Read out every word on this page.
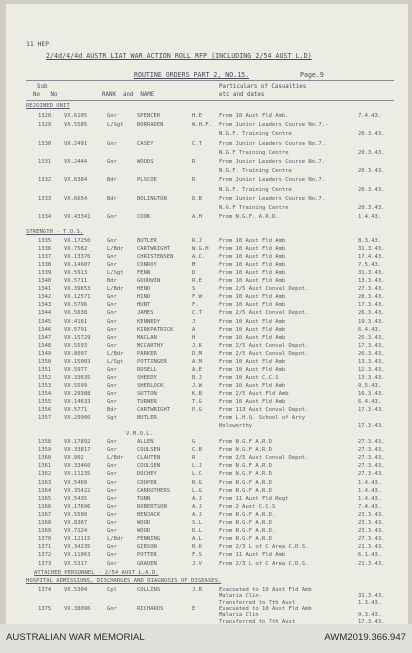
11 HEP
2/4d/4/4d AUSTR LIAT WAR ACTION ROLL RFP (INCLUDING 2/54 AUST L.D)
ROUTINE ORDERS PART 2, NO.15.	Page.9
Sub
No   No	RANK  and  NAME
Particulars of Casualties
etc and dates
REJOINED UNIT
1328. VX.6105	Gnr	SPENCER	H.E	From 10 Aust Fld Amb.	7.4.43.
1329 VX.5585	L/Sgt BORRADEN	W.H.F. From Junior Leaders Course No.7.-
N.G.F. Training Centre	20.3.43.
1330 VX.2491	Gnr	CASEY	C.T	From Junior Leaders Course No.7.
N.G.F Training Centre	20.3.43.
1331 VX.2444	Gnr	WOODS	R	From Junior Leaders Course No.7.
N.G.F. Training Centre	20.3.43.
1332 VX.6384	Bdr	PLSCOE	R	From Junior Leaders Course No.7.
N.G.F. Training Centre	20.3.43.
1333 VX.6654	Bdr	BOLINGTON	D.B	From Junior Leaders Course No.7.
N.G.F Training Centre	20.3.43.
1334 VX.43341	Gnr	COOK	A.H	From N.G.F. A.R.D.	1.4.43.
STRENGTH - T.O.S.
1335 VX.17250	Gnr	BUTLER	R.J	From 10 Aust Fld Amb	8.3.43.
1336 VX.7582	L/Bdr CARTWRIGHT	W.G.H From 10 Aust Fld Amb	31.3.43.
1337 VX.13376	Gnr	CHRISTENSEN	A.C.	From 10 Aust Fld Amb	17.4.43.
1338 VX.14607	Gnr	CONROY	M	From 10 Aust Fld Amb	7.5.43.
1339 VX.5913	L/Sgt FENN	D	From 10 Aust Fld Amb	31.3.43.
1340 VX.5711	Bdr	GOODWIN	R.E	From 10 Aust Fld Amb	13.3.43.
1341 VX.39653	L/Bdr HEND	S	From 2/5 Aust Conval Depot.	27.3.43.
1342 VX.12571	Gnr	HIND	F.W	From 10 Aust Fld Amb	28.3.43.
1343 VX.5796	Gnr	HUNT	F.	From 10 Aust Fld Amb	17.3.43.
1344 VX.5638	Gnr	JAMES	C.T	From 2/5 Aust Conval Depot.	26.3.43.
1345 VX.4181	Gnr	KENNEDY	J	From 10 Aust Fld Amb	19.3.43.
1346 VX.5791	Gnr	KIRKPATRICK	A	From 10 Aust Fld Amb	6.4.43.
1347 VX.15729	Gnr	MACLAN	H	From 10 Aust Fld Amb	25.3.43.
1348 VX.5593	Gnr	MCCARTHY	J.K	From 2/5 Aust Conval Depot.	17.3.43.
1349 VX.8097	L/Bdr PARKER	D.M	From 2/5 Aust Conval Depot.	26.3.43.
1350 VX.15003	L/Sgt POTTINGER	A.M	From 10 Aust Fld Amb	13.3.43.
1351 VX.5977	Gnr	ROSELL	A.E	From 10 Aust Fld Amb	12.3.43.
1352 VX.33635	Gnr	SHEEDY	B.J	From 10 Aust C.C.S	13.3.43.
1353 VX.5599	Gnr	SHERLOCK	J.W	From 10 Aust Fld Amb	9.5.43.
1354 VX.29388	Gnr	SUTTON	K.B	From 2/5 Aust Fld Amb	16.3.43.
1355 VX.14633	Gnr	TURNER	T.G	From 10 Aust Fld Amb	6.4.43.
1356 VX.5771	Bdr	CARTWRIGHT	P.G	From 113 Aust Conval Depot.	17.3.43.
1357 VX.29900	Sgt	BUTLER	From L.H.Q. School of Arty
Holsworthy	17.3.43.
V.M.O.L.
1358 VX.17892	Gnr	ALLEN	G	From N.G.F A.R.D	27.3.43.
1359 VX.33817	Gnr	COULSEN	C.B	From N.G.F A.R.D	27.3.43.
1360 VX.902	L/Bdr CLAUTEN	R	From 2/5 Aust Conval Depot.	27.3.43.
1361 VX.33460	Gnr	COULSEN	L.J	From N.G.F A.R.D	27.3.43.
1362 VX.11235	Gnr	DOCHEY	L.C	From N.G.F A.R.D	27.3.43.
1363 VX.5460	Gnr	COOPER	R.G	From N.G.F A.R.D	1.4.43.
1364 VX.35422	Gnr	CARRUTHERS	L.G	From N.G.F A.R.D	1.4.43.
1365 VX.5435	Gnr	TUNN	A.J	From 11 Aust Fld Regt	1.4.43.
1366 VX.17696	Gnr	ROBERTSON	A.J	From 2 Aust C.C.S	7.4.43.
1367 VX.5580	Gnr	BENJACK	A.J	From N.G.F A.R.D.	23.3.43.
1368 VX.8367	Gnr	WOOD	S.L	From N.G.F A.R.D	23.3.43.
1369 VX.7124	Gnr	WOOD	D.L	From N.G.F A.R.D.	23.3.43.
1370 VX.12115	L/Bdr FENNING	A.L	From N.G.F A.R.D	27.3.43.
1371 VX.34235	Gnr	GIBSON	R.K	From 2/3 L of C Area C.D.S.	21.3.43.
1372 VX.11063	Gnr	POTTER	F.S	From 11 Aust Fld Amb	6.1.43.
1373 VX.5317	Gnr	GRADEN	J.V	From 2/3 L of C Area C.D.S.	21.3.43.
ATTACHED PERSONNEL - 2/54 AUST L.A.D.
HOSPITAL ADMISSIONS, DISCHARGES AND DIAGNOSIS OF DISEASES.
1374 VX.5304	Cpl	COLLINS	J.B	Evacuated to 10 Aust Fld Amb
Malaria Clin-	31.3.43.
Transferred to 7th Aust	1.3.43.
1375 VX.38096	Gnr	RICHARDS	E	Evacuated to 10 Aust Fld Amb
Malaria Clin	9.3.43.
Transferred to 7th Aust	17.3.43.
AUSTRALIAN WAR MEMORIAL	AWM2019.366.947
